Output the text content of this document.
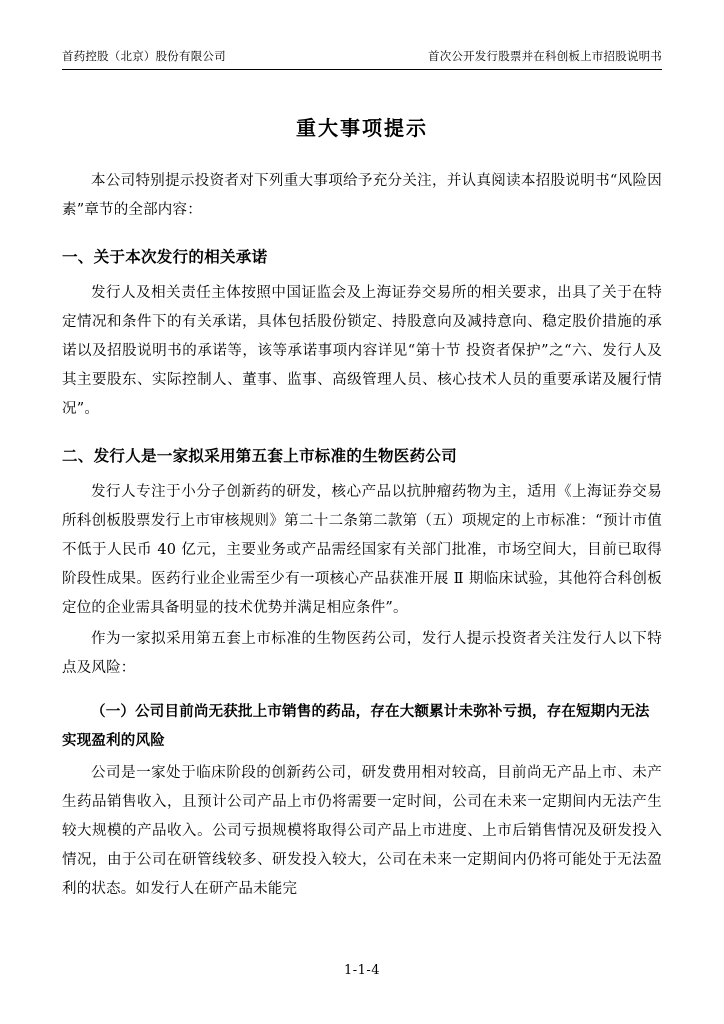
首药控股（北京）股份有限公司	首次公开发行股票并在科创板上市招股说明书
重大事项提示

本公司特别提示投资者对下列重大事项给予充分关注，并认真阅读本招股说明书“风险因素”章节的全部内容：

一、关于本次发行的相关承诺

发行人及相关责任主体按照中国证监会及上海证券交易所的相关要求，出具了关于在特定情况和条件下的有关承诺，具体包括股份锁定、持股意向及减持意向、稳定股价措施的承诺以及招股说明书的承诺等，该等承诺事项内容详见“第十节 投资者保护”之“六、发行人及其主要股东、实际控制人、董事、监事、高级管理人员、核心技术人员的重要承诺及履行情况”。

二、发行人是一家拟采用第五套上市标准的生物医药公司

发行人专注于小分子创新药的研发，核心产品以抗肿瘤药物为主，适用《上海证券交易所科创板股票发行上市审核规则》第二十二条第二款第（五）项规定的上市标准：“预计市值不低于人民币 40 亿元，主要业务或产品需经国家有关部门批准，市场空间大，目前已取得阶段性成果。医药行业企业需至少有一项核心产品获准开展 Ⅱ 期临床试验，其他符合科创板定位的企业需具备明显的技术优势并满足相应条件”。

作为一家拟采用第五套上市标准的生物医药公司，发行人提示投资者关注发行人以下特点及风险：

（一）公司目前尚无获批上市销售的药品，存在大额累计未弥补亏损，存在短期内无法实现盈利的风险

公司是一家处于临床阶段的创新药公司，研发费用相对较高，目前尚无产品上市、未产生药品销售收入，且预计公司产品上市仍将需要一定时间，公司在未来一定期间内无法产生较大规模的产品收入。公司亏损规模将取得公司产品上市进度、上市后销售情况及研发投入情况，由于公司在研管线较多、研发投入较大，公司在未来一定期间内仍将可能处于无法盈利的状态。如发行人在研产品未能完

1-1-4
